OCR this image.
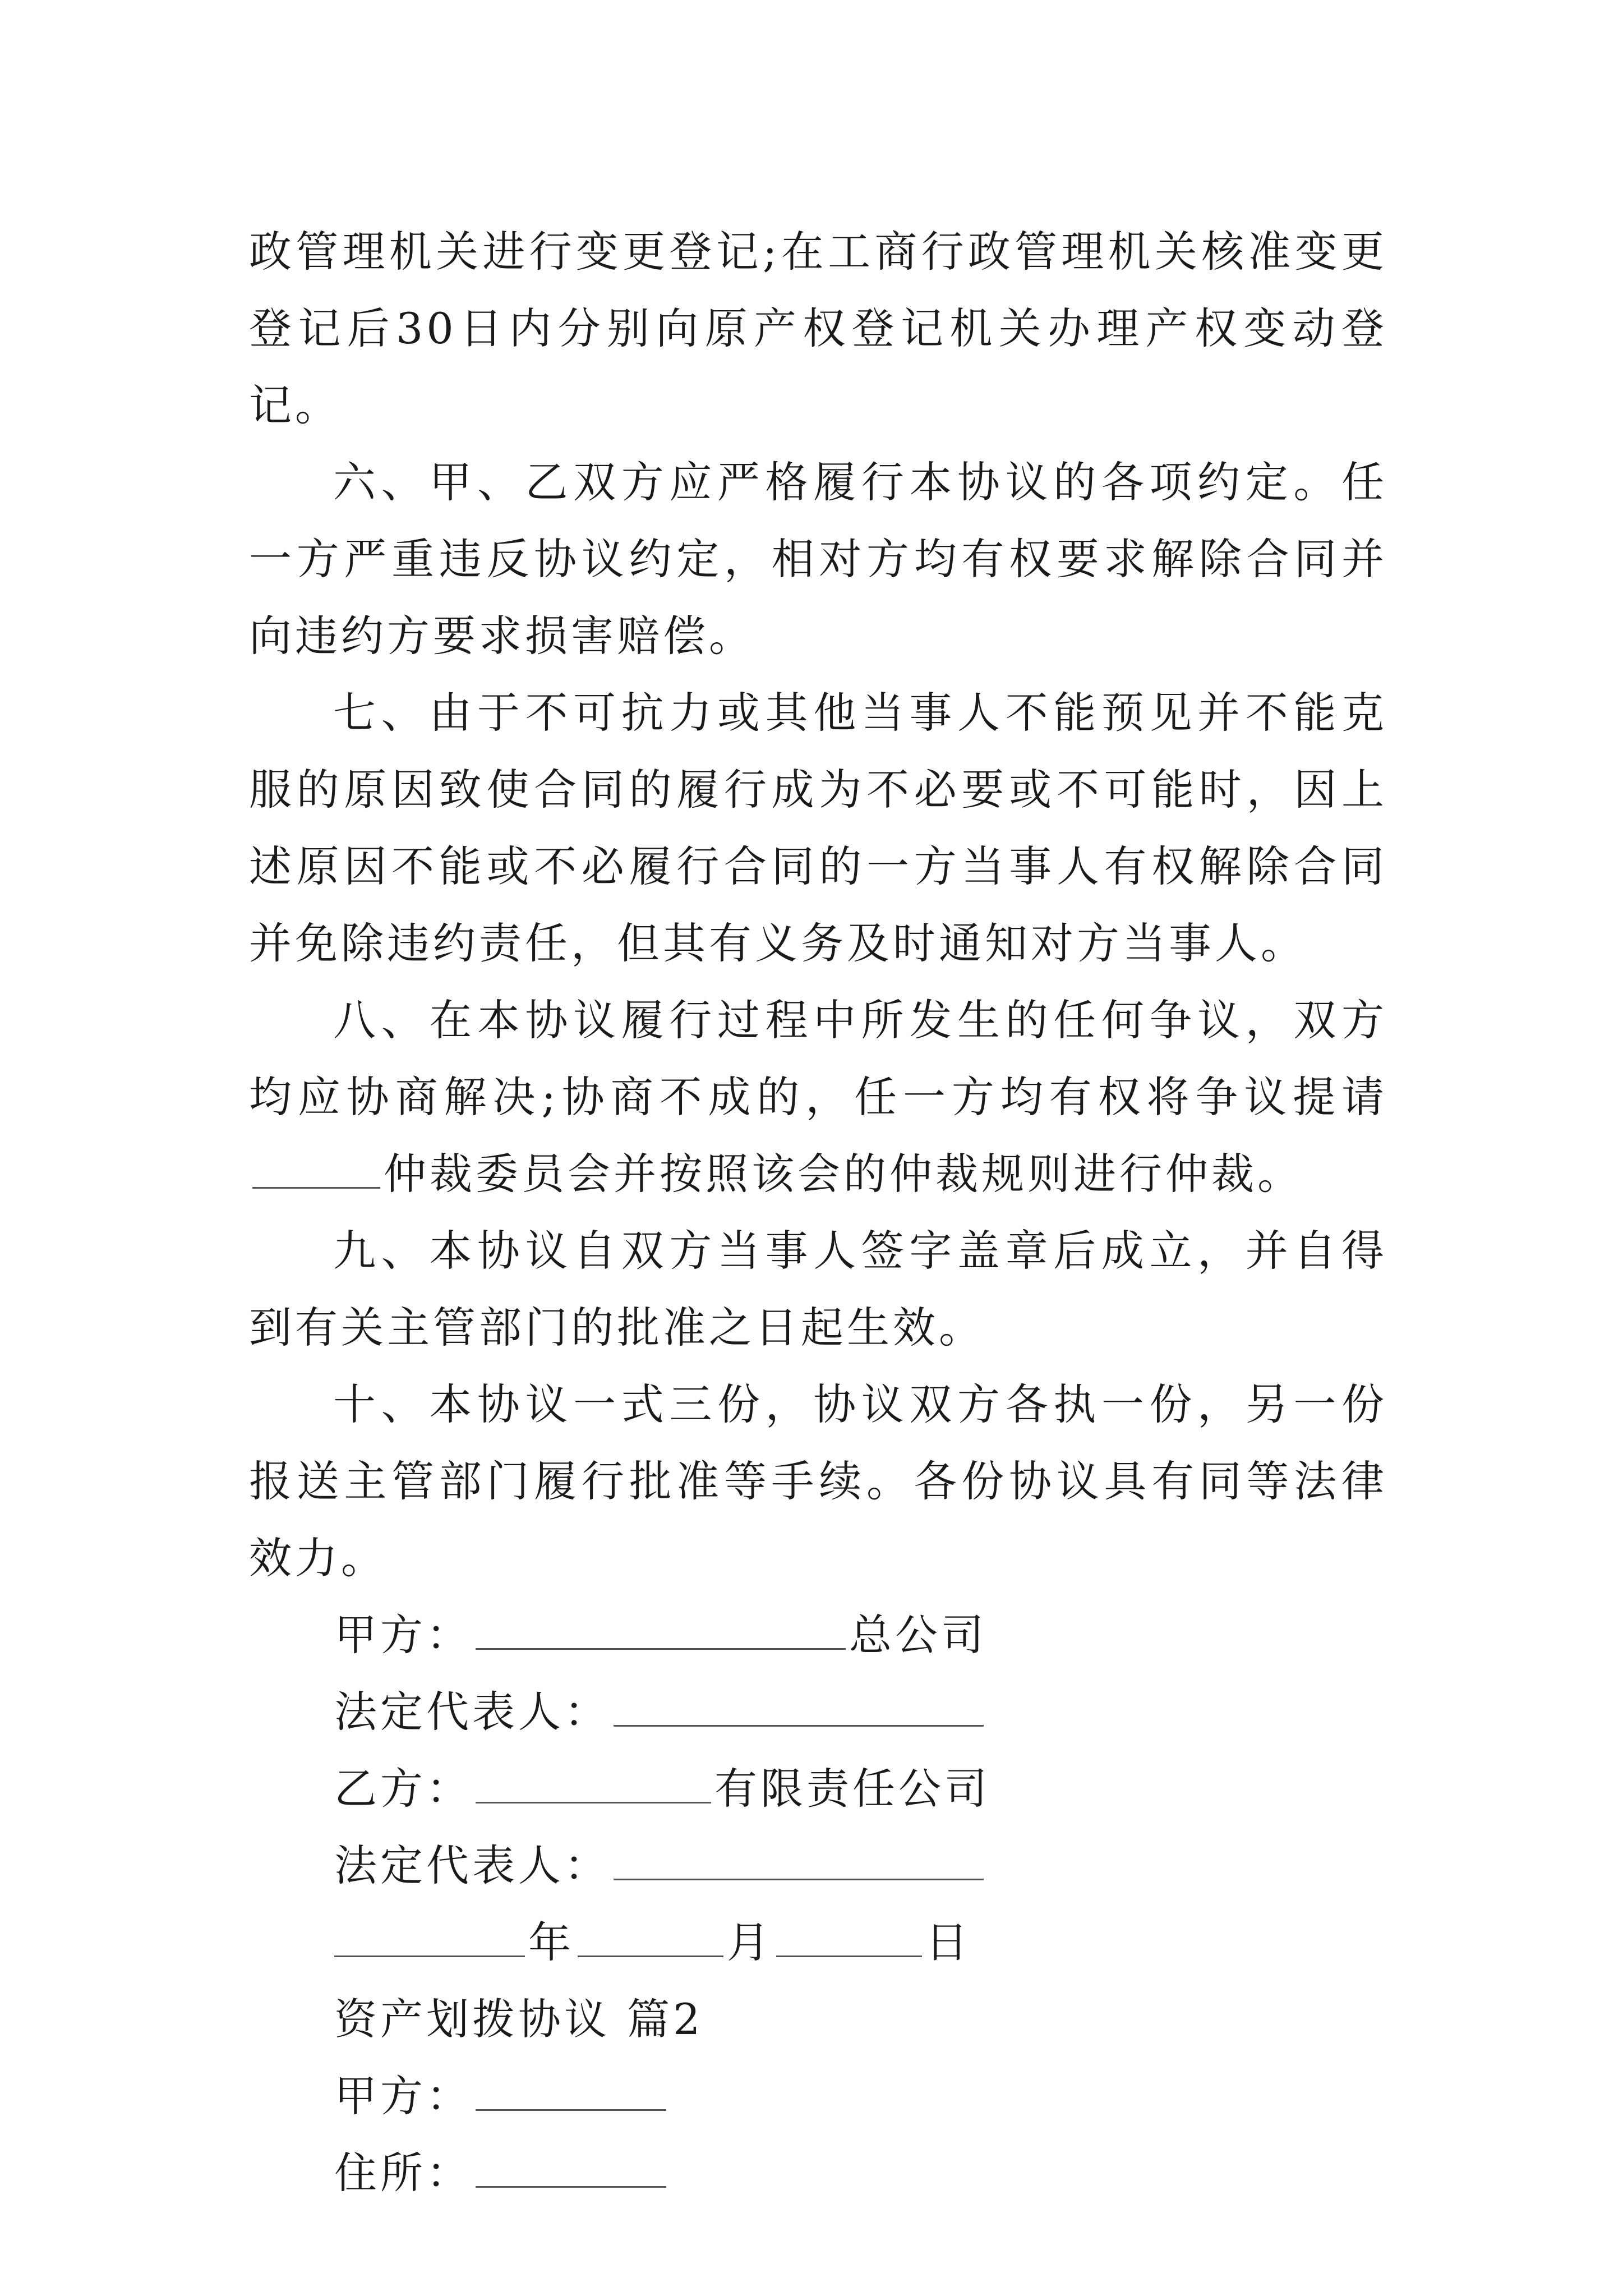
政管理机关进行变更登记;在工商行政管理机关核准变更登记后30日内分别向原产权登记机关办理产权变动登记。

六、甲、乙双方应严格履行本协议的各项约定。任一方严重违反协议约定，相对方均有权要求解除合同并向违约方要求损害赔偿。

七、由于不可抗力或其他当事人不能预见并不能克服的原因致使合同的履行成为不必要或不可能时，因上述原因不能或不必履行合同的一方当事人有权解除合同并免除违约责任，但其有义务及时通知对方当事人。

八、在本协议履行过程中所发生的任何争议，双方均应协商解决;协商不成的，任一方均有权将争议提请仲裁委员会并按照该会的仲裁规则进行仲裁。

九、本协议自双方当事人签字盖章后成立，并自得到有关主管部门的批准之日起生效。

十、本协议一式三份，协议双方各执一份，另一份报送主管部门履行批准等手续。各份协议具有同等法律效力。

甲方：	总公司
法定代表人：
乙方：	有限责任公司
法定代表人：
年	月	日
资产划拨协议 篇2
甲方：
住所：
